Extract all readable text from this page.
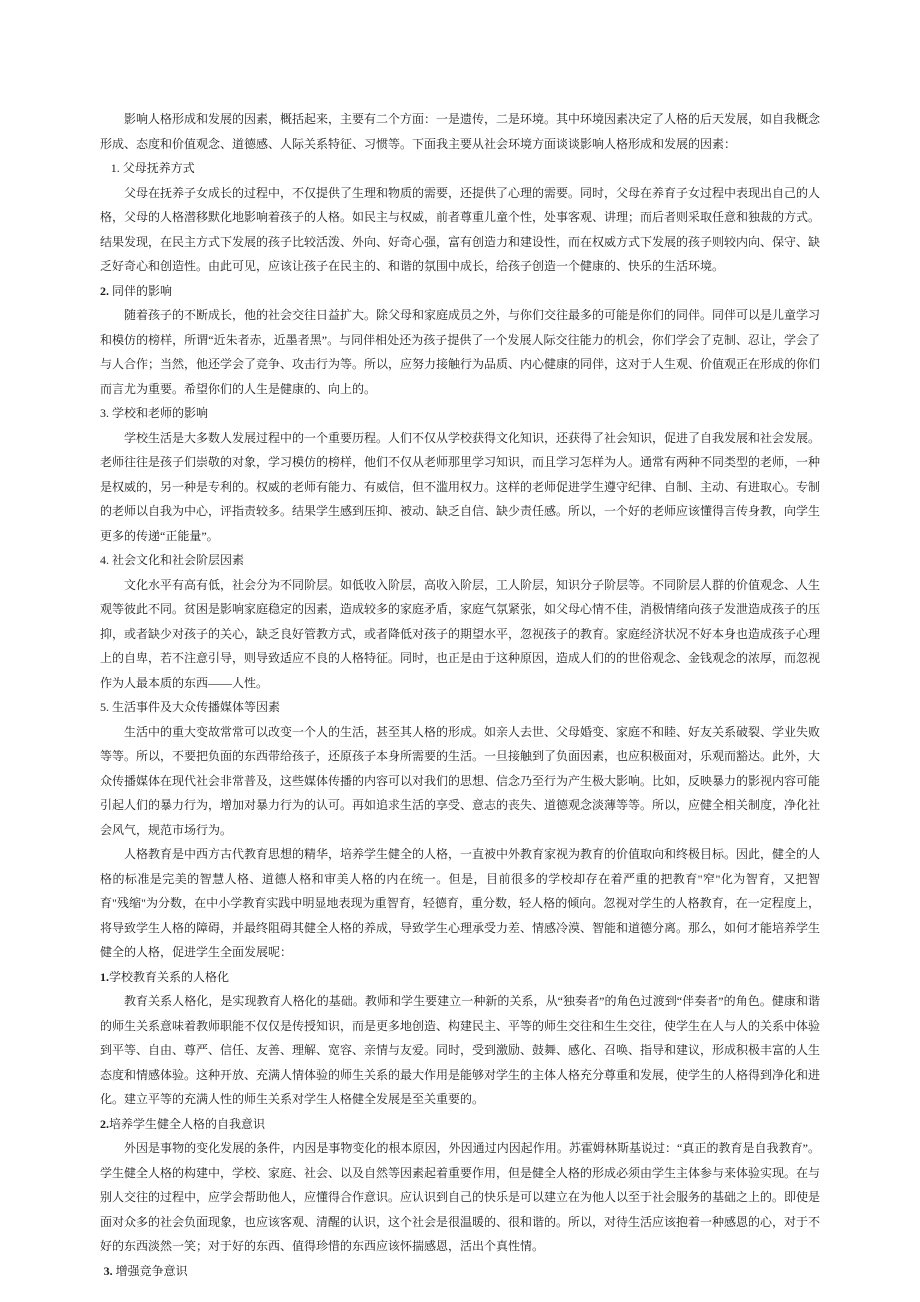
影响人格形成和发展的因素，概括起来，主要有二个方面：一是遗传，二是环境。其中环境因素决定了人格的后天发展，如自我概念形成、态度和价值观念、道德感、人际关系特征、习惯等。下面我主要从社会环境方面谈谈影响人格形成和发展的因素：

1. 父母抚养方式

父母在抚养子女成长的过程中，不仅提供了生理和物质的需要，还提供了心理的需要。同时，父母在养育子女过程中表现出自己的人格，父母的人格潜移默化地影响着孩子的人格。如民主与权威，前者尊重儿童个性，处事客观、讲理；而后者则采取任意和独裁的方式。结果发现，在民主方式下发展的孩子比较活泼、外向、好奇心强，富有创造力和建设性，而在权威方式下发展的孩子则较内向、保守、缺乏好奇心和创造性。由此可见，应该让孩子在民主的、和谐的氛围中成长，给孩子创造一个健康的、快乐的生活环境。

2. 同伴的影响

随着孩子的不断成长，他的社会交往日益扩大。除父母和家庭成员之外，与你们交往最多的可能是你们的同伴。同伴可以是儿童学习和模仿的榜样，所谓“近朱者赤，近墨者黑”。与同伴相处还为孩子提供了一个发展人际交往能力的机会，你们学会了克制、忍让，学会了与人合作；当然，他还学会了竞争、攻击行为等。所以，应努力接触行为品质、内心健康的同伴，这对于人生观、价值观正在形成的你们而言尤为重要。希望你们的人生是健康的、向上的。

3. 学校和老师的影响

学校生活是大多数人发展过程中的一个重要历程。人们不仅从学校获得文化知识，还获得了社会知识，促进了自我发展和社会发展。老师往往是孩子们崇敬的对象，学习模仿的榜样，他们不仅从老师那里学习知识，而且学习怎样为人。通常有两种不同类型的老师，一种是权威的，另一种是专利的。权威的老师有能力、有威信，但不滥用权力。这样的老师促进学生遵守纪律、自制、主动、有进取心。专制的老师以自我为中心，评指责较多。结果学生感到压抑、被动、缺乏自信、缺少责任感。所以，一个好的老师应该懂得言传身教，向学生更多的传递“正能量”。

4. 社会文化和社会阶层因素

文化水平有高有低，社会分为不同阶层。如低收入阶层，高收入阶层，工人阶层，知识分子阶层等。不同阶层人群的价值观念、人生观等彼此不同。贫困是影响家庭稳定的因素，造成较多的家庭矛盾，家庭气氛紧张，如父母心情不佳，消极情绪向孩子发泄造成孩子的压抑，或者缺少对孩子的关心，缺乏良好管教方式，或者降低对孩子的期望水平，忽视孩子的教育。家庭经济状况不好本身也造成孩子心理上的自卑，若不注意引导，则导致适应不良的人格特征。同时，也正是由于这种原因，造成人们的的世俗观念、金钱观念的浓厚，而忽视作为人最本质的东西——人性。

5. 生活事件及大众传播媒体等因素

生活中的重大变故常常可以改变一个人的生活，甚至其人格的形成。如亲人去世、父母婚变、家庭不和睦、好友关系破裂、学业失败等等。所以，不要把负面的东西带给孩子，还原孩子本身所需要的生活。一旦接触到了负面因素，也应积极面对，乐观而豁达。此外，大众传播媒体在现代社会非常普及，这些媒体传播的内容可以对我们的思想、信念乃至行为产生极大影响。比如，反映暴力的影视内容可能引起人们的暴力行为，增加对暴力行为的认可。再如追求生活的享受、意志的丧失、道德观念淡薄等等。所以，应健全相关制度，净化社会风气，规范市场行为。

人格教育是中西方古代教育思想的精华，培养学生健全的人格，一直被中外教育家视为教育的价值取向和终极目标。因此，健全的人格的标准是完美的智慧人格、道德人格和审美人格的内在统一。但是，目前很多的学校却存在着严重的把教育"窄"化为智育，又把智育"残缩"为分数，在中小学教育实践中明显地表现为重智育，轻德育，重分数，轻人格的倾向。忽视对学生的人格教育，在一定程度上，将导致学生人格的障碍，并最终阻碍其健全人格的养成，导致学生心理承受力差、情感冷漠、智能和道德分离。那么，如何才能培养学生健全的人格，促进学生全面发展呢：

1.学校教育关系的人格化

教育关系人格化，是实现教育人格化的基础。教师和学生要建立一种新的关系，从“独奏者”的角色过渡到“伴奏者”的角色。健康和谐的师生关系意味着教师职能不仅仅是传授知识，而是更多地创造、构建民主、平等的师生交往和生生交往，使学生在人与人的关系中体验到平等、自由、尊严、信任、友善、理解、宽容、亲情与友爱。同时，受到激励、鼓舞、感化、召唤、指导和建议，形成积极丰富的人生态度和情感体验。这种开放、充满人情体验的师生关系的最大作用是能够对学生的主体人格充分尊重和发展，使学生的人格得到净化和进化。建立平等的充满人性的师生关系对学生人格健全发展是至关重要的。

2.培养学生健全人格的自我意识

外因是事物的变化发展的条件，内因是事物变化的根本原因，外因通过内因起作用。苏霍姆林斯基说过：“真正的教育是自我教育”。学生健全人格的构建中，学校、家庭、社会、以及自然等因素起着重要作用，但是健全人格的形成必须由学生主体参与来体验实现。在与别人交往的过程中，应学会帮助他人，应懂得合作意识。应认识到自己的快乐是可以建立在为他人以至于社会服务的基础之上的。即使是面对众多的社会负面现象，也应该客观、清醒的认识，这个社会是很温暖的、很和谐的。所以，对待生活应该抱着一种感恩的心，对于不好的东西淡然一笑；对于好的东西、值得珍惜的东西应该怀揣感恩，活出个真性情。

3. 增强竞争意识
